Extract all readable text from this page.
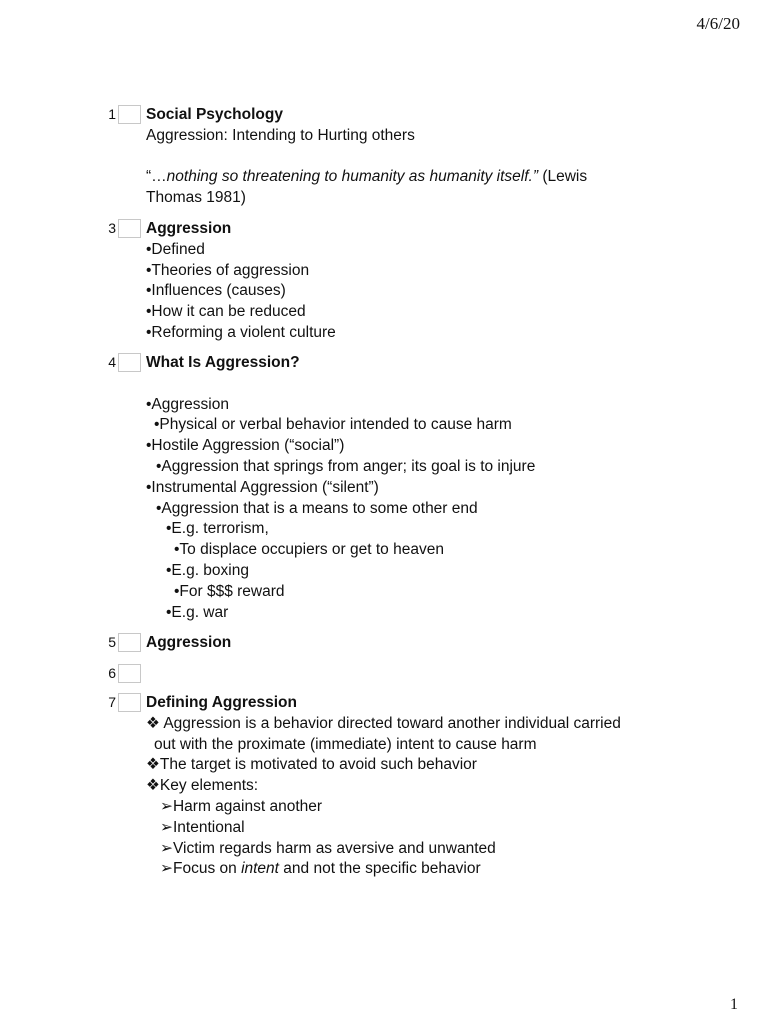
4/6/20
1 Social Psychology
Aggression: Intending to Hurting others
“…nothing so threatening to humanity as humanity itself.” (Lewis Thomas 1981)
3 Aggression
•Defined
•Theories of aggression
•Influences (causes)
•How it can be reduced
•Reforming a violent culture
4 What Is Aggression?
•Aggression
•Physical or verbal behavior intended to cause harm
•Hostile Aggression (“social”)
•Aggression that springs from anger; its goal is to injure
•Instrumental Aggression (“silent”)
•Aggression that is a means to some other end
•E.g. terrorism,
•To displace occupiers or get to heaven
•E.g. boxing
•For $$$ reward
•E.g. war
5 Aggression
6
7 Defining Aggression
❖ Aggression is a behavior directed toward another individual carried
out with the proximate (immediate) intent to cause harm
❖The target is motivated to avoid such behavior
❖Key elements:
➢Harm against another
➢Intentional
➢Victim regards harm as aversive and unwanted
➢Focus on intent and not the specific behavior
1
